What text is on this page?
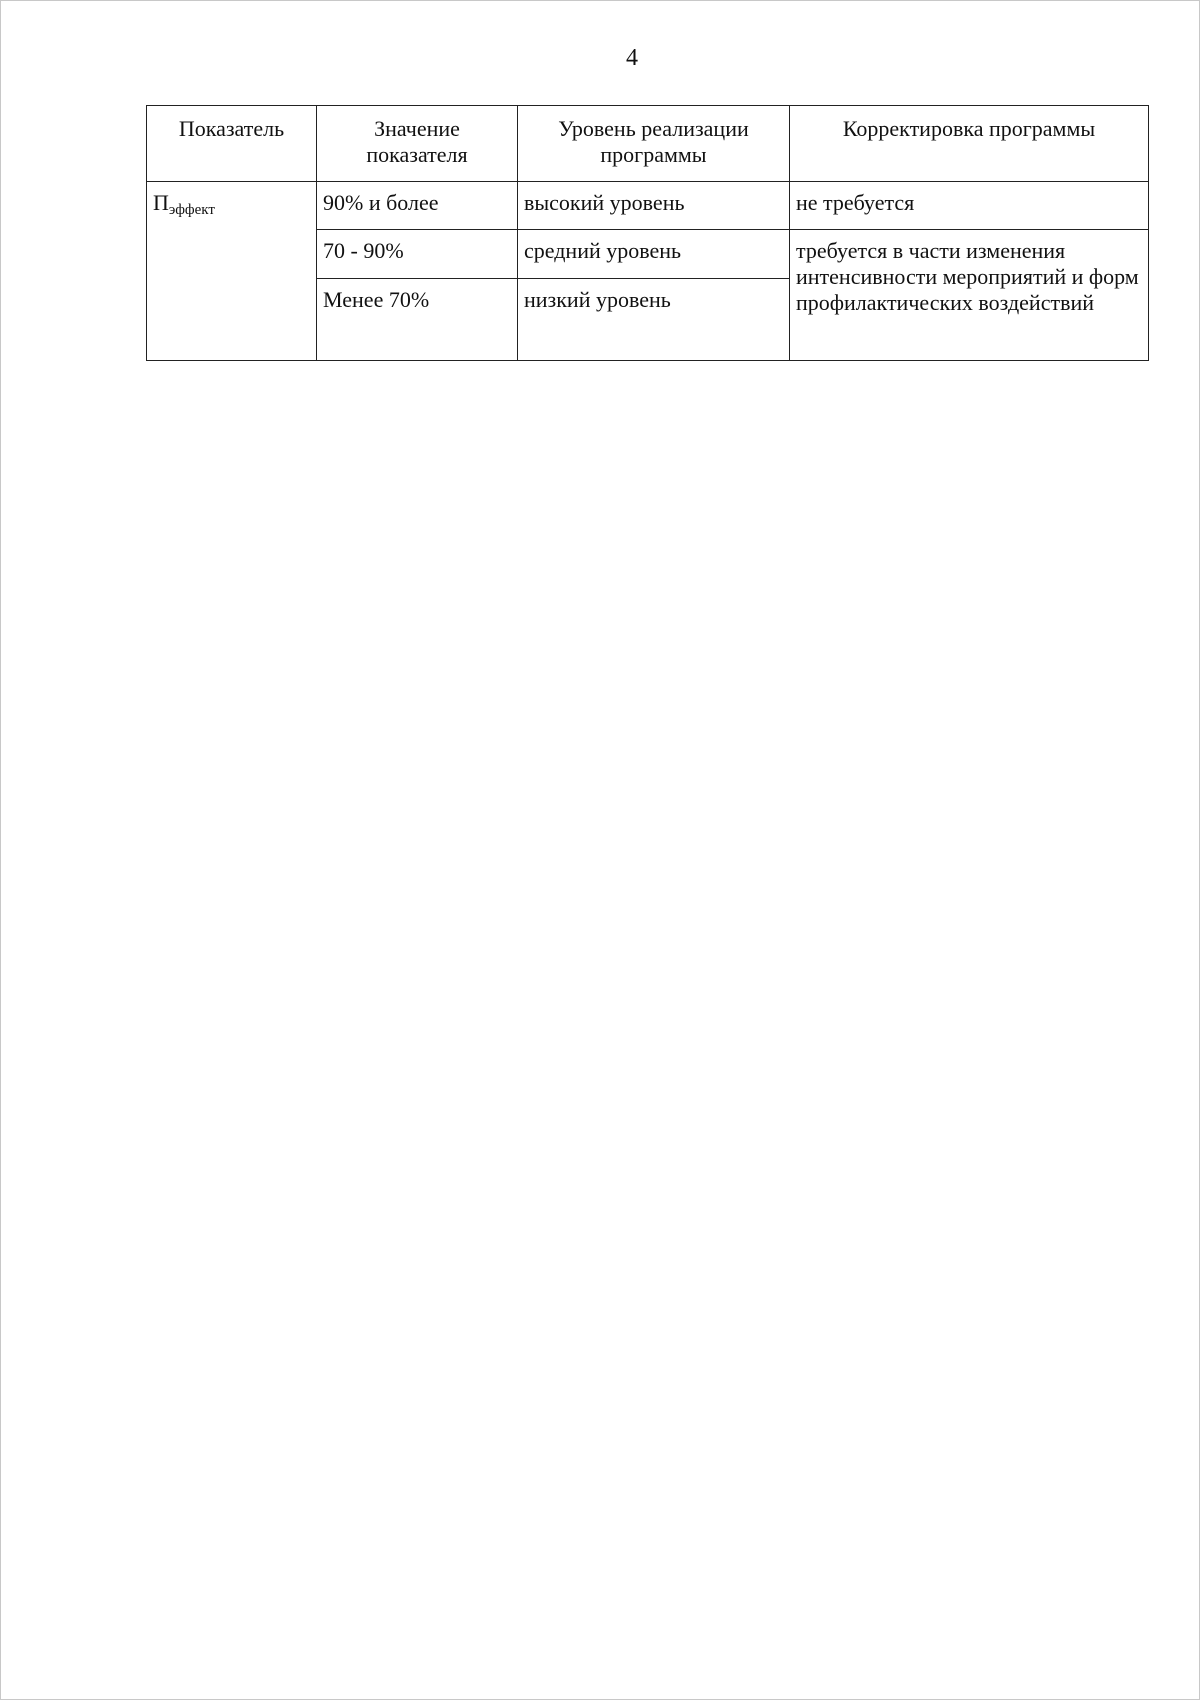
4
Показатель	Значение показателя	Уровень реализации программы	Корректировка программы
Пэффект	90% и более	высокий уровень	не требуется
	70 - 90%	средний уровень	требуется в части изменения интенсивности мероприятий и форм профилактических воздействий
	Менее 70%	низкий уровень	
